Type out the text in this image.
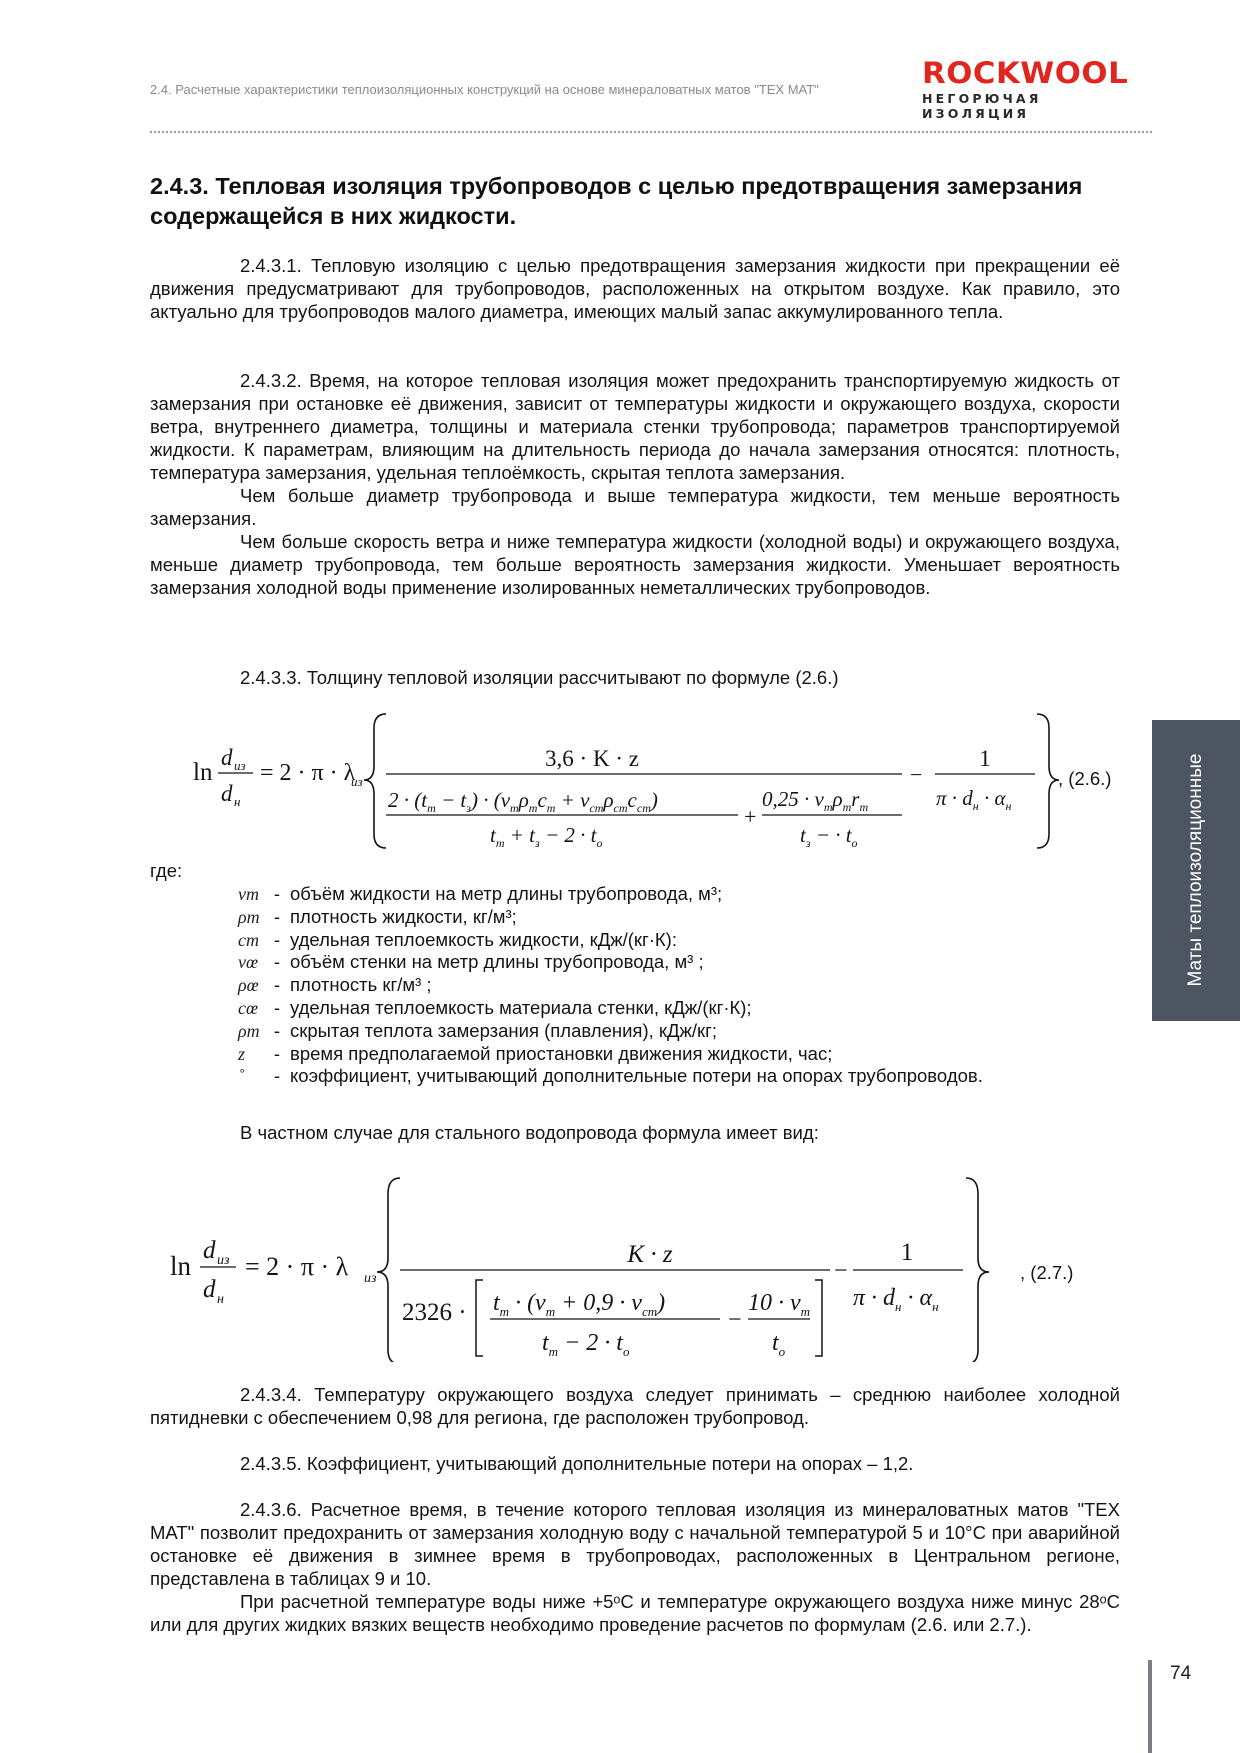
2.4. Расчетные характеристики теплоизоляционных конструкций на основе минераловатных матов "ТЕХ МАТ"	ROCKWOOL
НЕГОРЮЧАЯ ИЗОЛЯЦИЯ
2.4.3. Тепловая изоляция трубопроводов с целью предотвращения замерзания содержащейся в них жидкости.

2.4.3.1. Тепловую изоляцию с целью предотвращения замерзания жидкости при прекращении её движения предусматривают для трубопроводов, расположенных на открытом воздухе. Как правило, это актуально для трубопроводов малого диаметра, имеющих малый запас аккумулированного тепла.

2.4.3.2. Время, на которое тепловая изоляция может предохранить транспортируемую жидкость от замерзания при остановке её движения, зависит от температуры жидкости и окружающего воздуха, скорости ветра, внутреннего диаметра, толщины и материала стенки трубопровода; параметров транспортируемой жидкости. К параметрам, влияющим на длительность периода до начала замерзания относятся: плотность, температура замерзания, удельная теплоёмкость, скрытая теплота замерзания.

Чем больше диаметр трубопровода и выше температура жидкости, тем меньше вероятность замерзания.

Чем больше скорость ветра и ниже температура жидкости (холодной воды) и окружающего воздуха, меньше диаметр трубопровода, тем больше вероятность замерзания жидкости. Уменьшает вероятность замерзания холодной воды применение изолированных неметаллических трубопроводов.

2.4.3.3. Толщину тепловой изоляции рассчитывают по формуле (2.6.)

ln
d из
d н
= 2 · π · λ
из
3,6 · K · z
$2 \cdot (t_т - t_з) \cdot (v_т\rho_тc_т + v_{ст}\rho_{ст}c_{ст})$
$t_т + t_з - 2 \cdot t_о$
+
$0,25 \cdot v_т\rho_тr_т$
$t_з$ − · $t_о$
−
1
$\pi \cdot d_н \cdot \alpha_н$
, (2.6.)
где:
νm - объём жидкости на метр длины трубопровода, м³;
ρm - плотность жидкости, кг/м³;
cm - удельная теплоемкость жидкости, кДж/(кг·К):
νœ - объём стенки на метр длины трубопровода, м³ ;
ρœ - плотность кг/м³ ;
cœ - удельная теплоемкость материала стенки, кДж/(кг·К);
ρm - скрытая теплота замерзания (плавления), кДж/кг;
z	- время предполагаемой приостановки движения жидкости, час;
˚	- коэффициент, учитывающий дополнительные потери на опорах трубопроводов.

В частном случае для стального водопровода формула имеет вид:

ln
d из
d н
= 2 · π · λ из
K · z
$2326 \cdot t_т \cdot (v_т + 0,9 \cdot v_{ст})$
$t_т - 2 \cdot t_о$
−
$10 \cdot v_т$
$t_о$
−
1
$\pi \cdot d_н \cdot \alpha_н$
, (2.7.)

2.4.3.4. Температуру окружающего воздуха следует принимать – среднюю наиболее холодной пятидневки с обеспечением 0,98 для региона, где расположен трубопровод.

2.4.3.5. Коэффициент, учитывающий дополнительные потери на опорах – 1,2.

2.4.3.6. Расчетное время, в течение которого тепловая изоляция из минераловатных матов "ТЕХ МАТ" позволит предохранить от замерзания холодную воду с начальной температурой 5 и 10°С при аварийной остановке её движения в зимнее время в трубопроводах, расположенных в Центральном регионе, представлена в таблицах 9 и 10.

При расчетной температуре воды ниже +5ᵒС и температуре окружающего воздуха ниже минус 28ᵒС или для других жидких вязких веществ необходимо проведение расчетов по формулам (2.6. или 2.7.).

Маты теплоизоляционные
74
